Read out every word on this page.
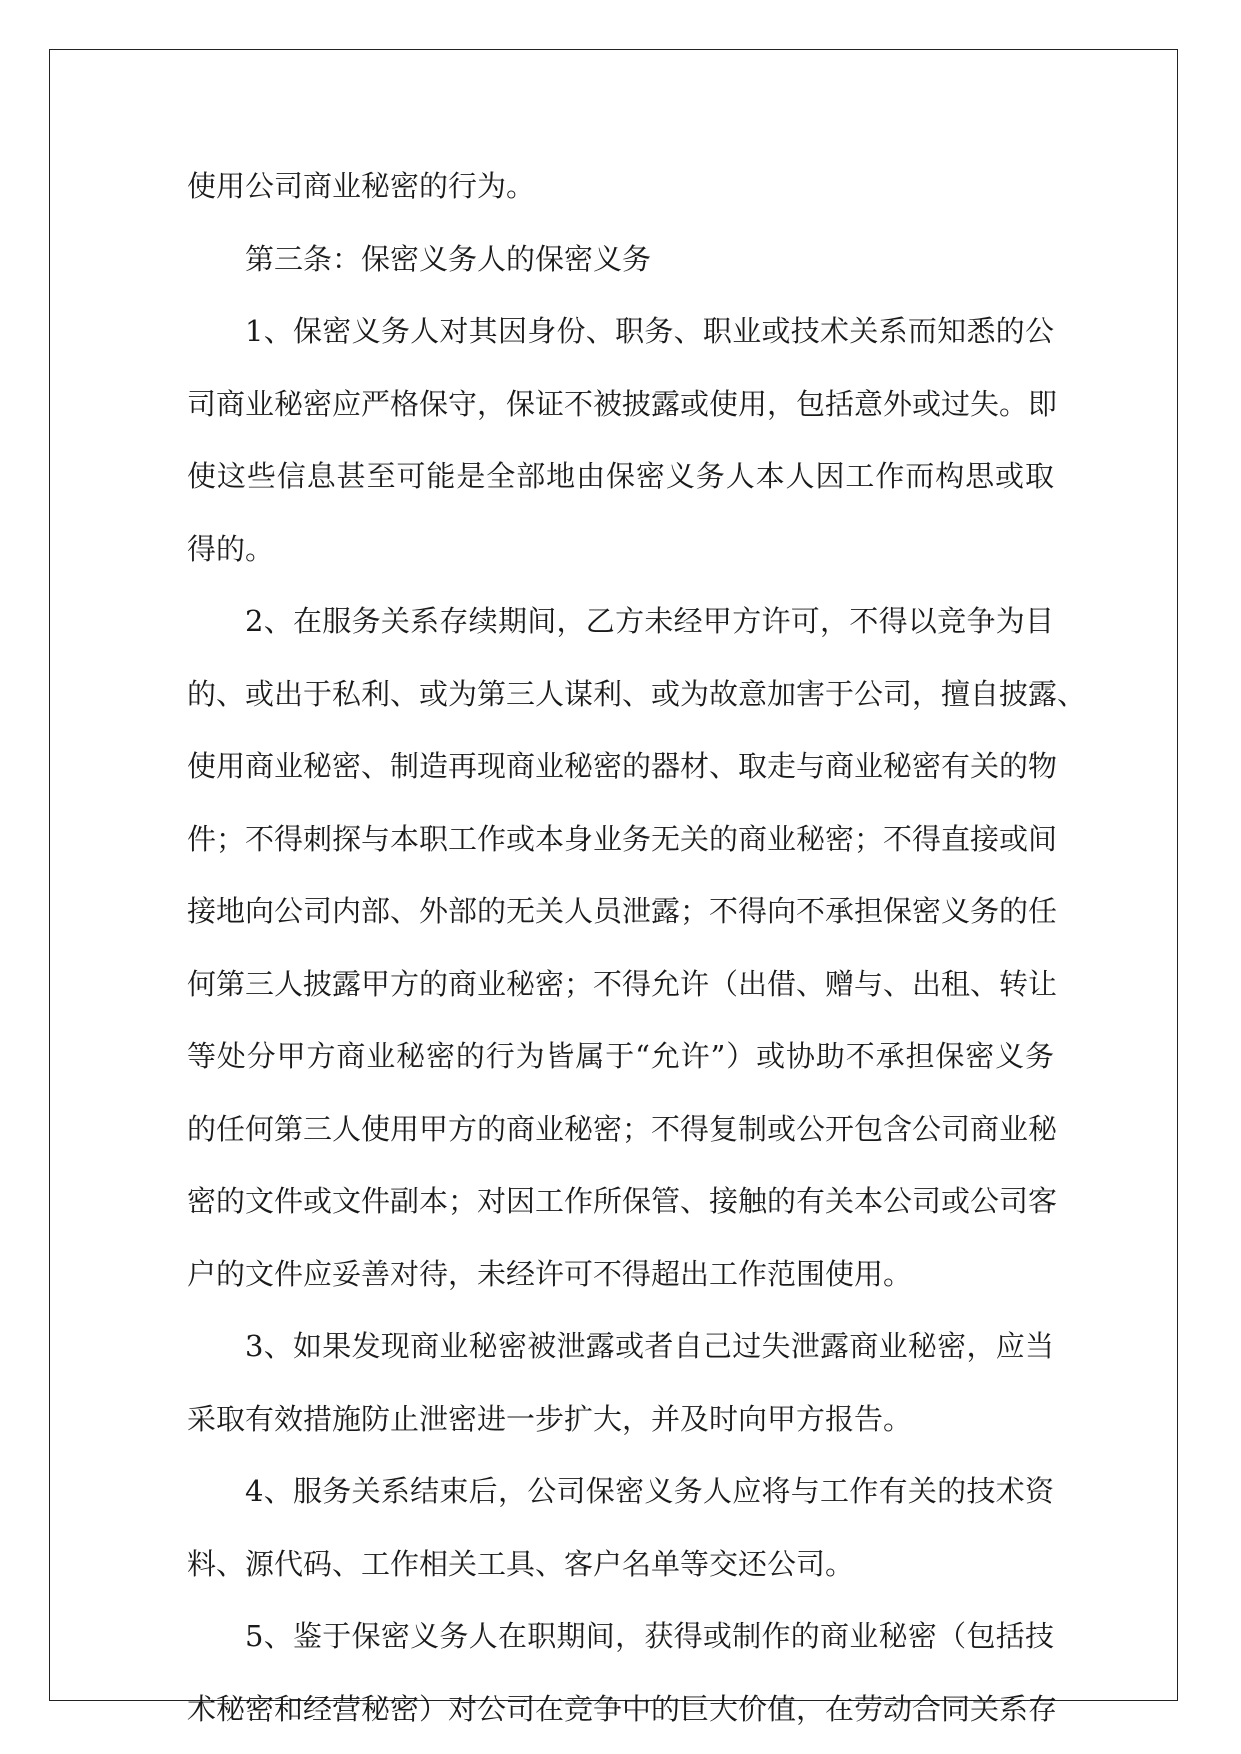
使用公司商业秘密的行为。
第三条：保密义务人的保密义务
1、保密义务人对其因身份、职务、职业或技术关系而知悉的公
司商业秘密应严格保守，保证不被披露或使用，包括意外或过失。即
使这些信息甚至可能是全部地由保密义务人本人因工作而构思或取
得的。
2、在服务关系存续期间，乙方未经甲方许可，不得以竞争为目
的、或出于私利、或为第三人谋利、或为故意加害于公司，擅自披露、
使用商业秘密、制造再现商业秘密的器材、取走与商业秘密有关的物
件；不得刺探与本职工作或本身业务无关的商业秘密；不得直接或间
接地向公司内部、外部的无关人员泄露；不得向不承担保密义务的任
何第三人披露甲方的商业秘密；不得允许（出借、赠与、出租、转让
等处分甲方商业秘密的行为皆属于“允许”）或协助不承担保密义务
的任何第三人使用甲方的商业秘密；不得复制或公开包含公司商业秘
密的文件或文件副本；对因工作所保管、接触的有关本公司或公司客
户的文件应妥善对待，未经许可不得超出工作范围使用。
3、如果发现商业秘密被泄露或者自己过失泄露商业秘密，应当
采取有效措施防止泄密进一步扩大，并及时向甲方报告。
4、服务关系结束后，公司保密义务人应将与工作有关的技术资
料、源代码、工作相关工具、客户名单等交还公司。
5、鉴于保密义务人在职期间，获得或制作的商业秘密（包括技
术秘密和经营秘密）对公司在竞争中的巨大价值，在劳动合同关系存
